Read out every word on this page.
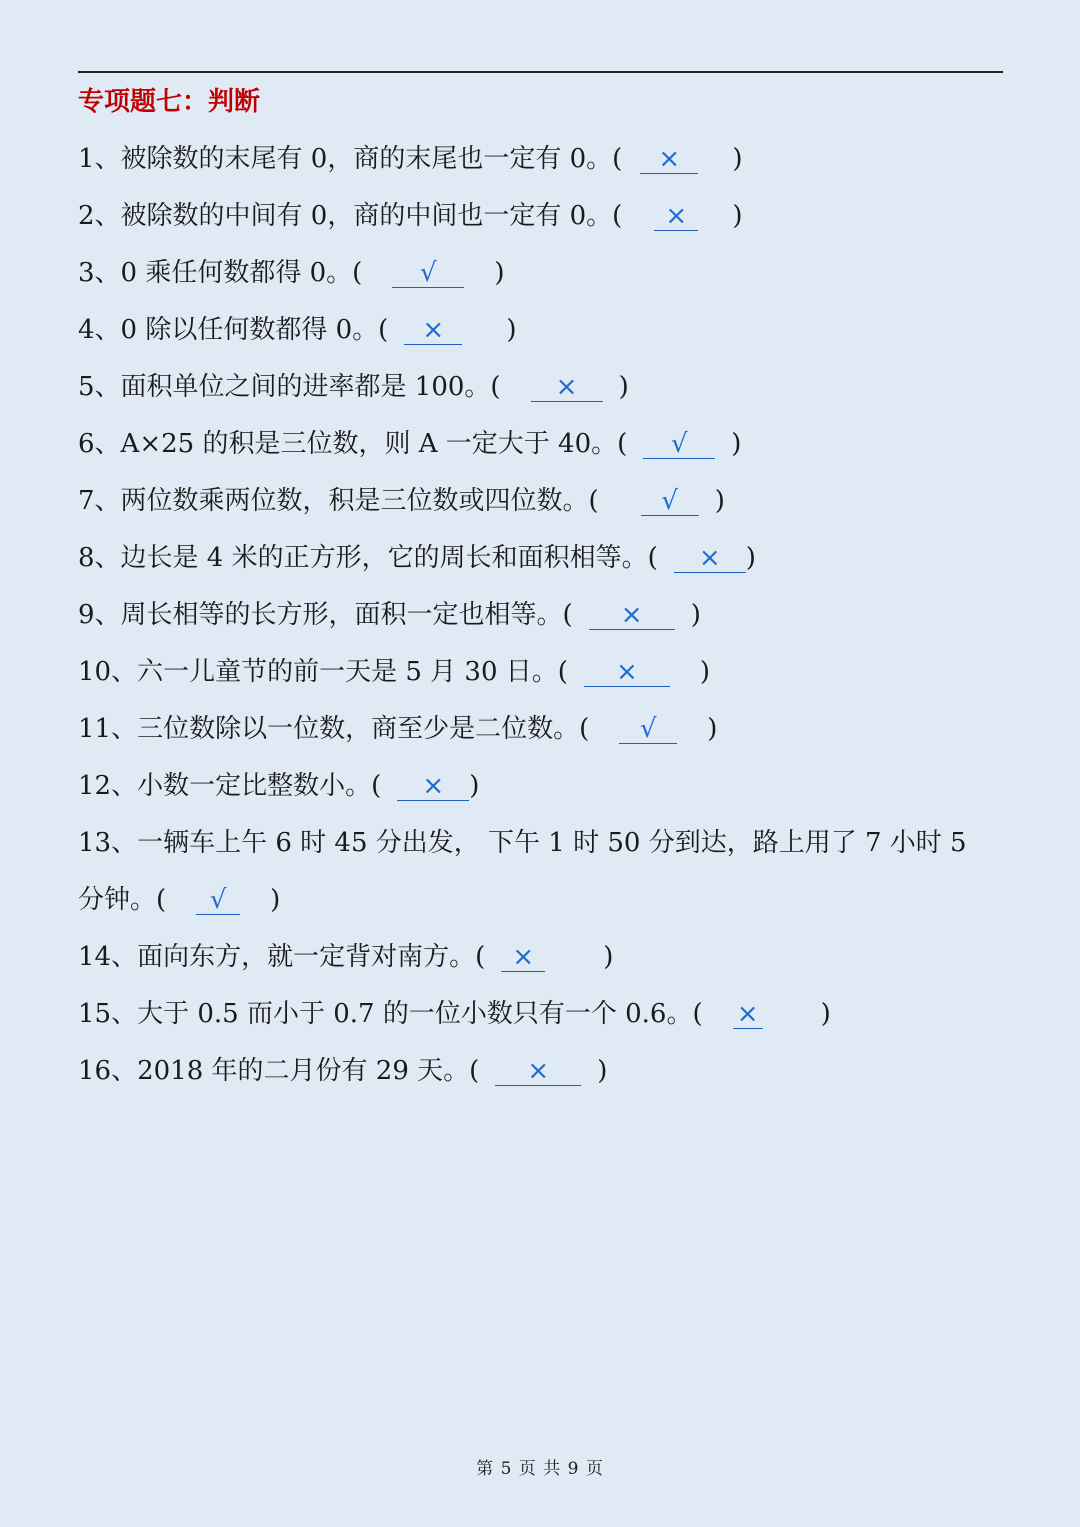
专项题七：判断
1、被除数的末尾有 0，商的末尾也一定有 0。( × )
2、被除数的中间有 0，商的中间也一定有 0。( × )
3、0 乘任何数都得 0。( √ )
4、0 除以任何数都得 0。( × )
5、面积单位之间的进率都是 100。( × )
6、A×25 的积是三位数，则 A 一定大于 40。( √ )
7、两位数乘两位数，积是三位数或四位数。( √ )
8、边长是 4 米的正方形，它的周长和面积相等。( × )
9、周长相等的长方形，面积一定也相等。( × )
10、六一儿童节的前一天是 5 月 30 日。( × )
11、三位数除以一位数，商至少是二位数。( √ )
12、小数一定比整数小。( × )
13、一辆车上午 6 时 45 分出发， 下午 1 时 50 分到达，路上用了 7 小时 5
分钟。( √ )
14、面向东方，就一定背对南方。( ×	)
15、大于 0.5 而小于 0.7 的一位小数只有一个 0.6。( × )
16、2018 年的二月份有 29 天。( × )
第 5 页 共 9 页
